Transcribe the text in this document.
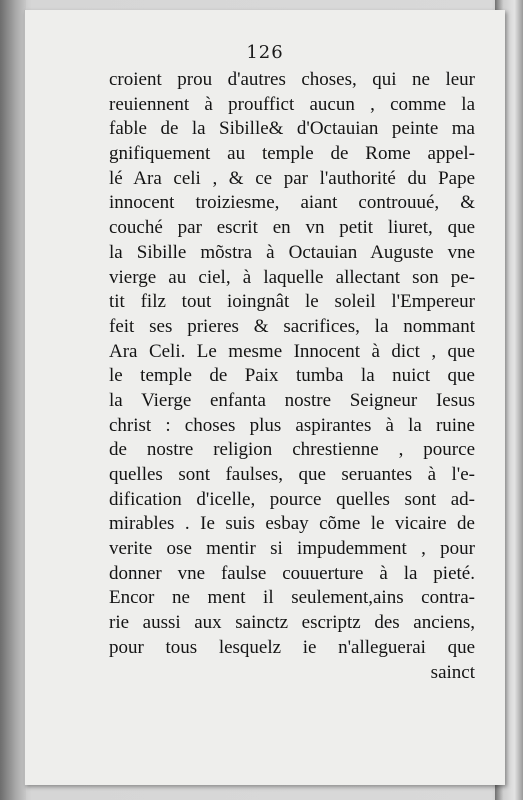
126
croient prou d'autres choses, qui ne leur
reuiennent à prouffict aucun , comme la
fable de la Sibille& d'Octauian peinte ma
gnifiquement au temple de Rome appel-
lé Ara celi , & ce par l'authorité du Pape
innocent troiziesme, aiant controuué, &
couché par escrit en vn petit liuret, que
la Sibille mõstra à Octauian Auguste vne
vierge au ciel, à laquelle allectant son pe-
tit filz tout ioingnât le soleil l'Empereur
feit ses prieres & sacrifices, la nommant
Ara Celi. Le mesme Innocent à dict , que
le temple de Paix tumba la nuict que
la Vierge enfanta nostre Seigneur Iesus
christ : choses plus aspirantes à la ruine
de nostre religion chrestienne , pource
quelles sont faulses, que seruantes à l'e-
dification d'icelle, pource quelles sont ad-
mirables . Ie suis esbay cõme le vicaire de
verite ose mentir si impudemment , pour
donner vne faulse couuerture à la pieté.
Encor ne ment il seulement,ains contra-
rie aussi aux sainctz escriptz des anciens,
pour tous lesquelz ie n'alleguerai que
sainct
